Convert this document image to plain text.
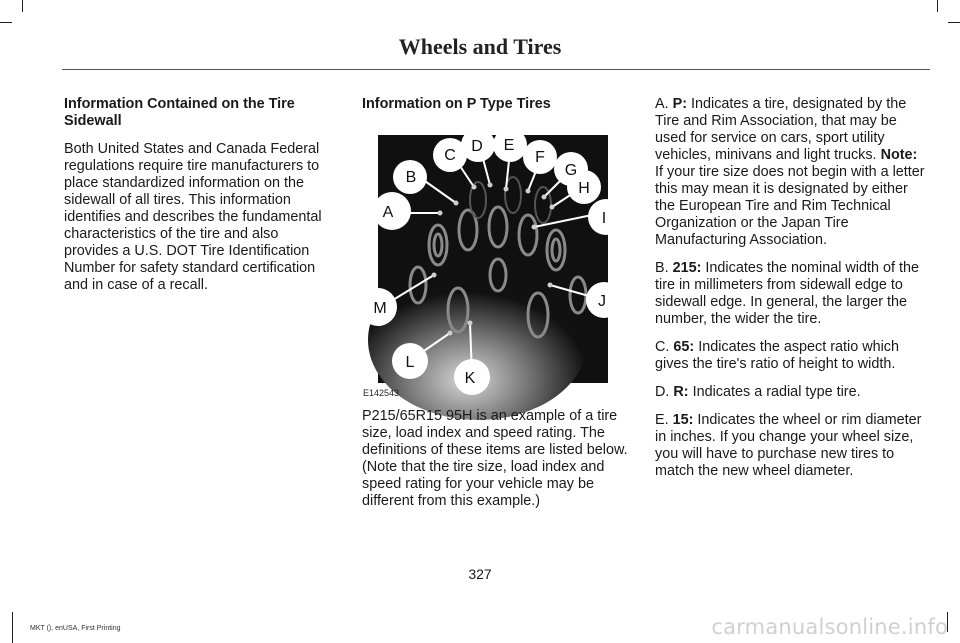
Wheels and Tires

Information Contained on the Tire Sidewall

Both United States and Canada Federal regulations require tire manufacturers to place standardized information on the sidewall of all tires. This information identifies and describes the fundamental characteristics of the tire and also provides a U.S. DOT Tire Identification Number for safety standard certification and in case of a recall.

Information on P Type Tires

A
B
C
D E
F
G
H
I
J
K
L
M
E142543
P215/65R15 95H is an example of a tire size, load index and speed rating. The definitions of these items are listed below. (Note that the tire size, load index and speed rating for your vehicle may be different from this example.)

A. P: Indicates a tire, designated by the Tire and Rim Association, that may be used for service on cars, sport utility vehicles, minivans and light trucks. Note: If your tire size does not begin with a letter this may mean it is designated by either the European Tire and Rim Technical Organization or the Japan Tire Manufacturing Association.

B. 215: Indicates the nominal width of the tire in millimeters from sidewall edge to sidewall edge. In general, the larger the number, the wider the tire.

C. 65: Indicates the aspect ratio which gives the tire's ratio of height to width.

D. R: Indicates a radial type tire.

E. 15: Indicates the wheel or rim diameter in inches. If you change your wheel size, you will have to purchase new tires to match the new wheel diameter.

327
MKT (), enUSA, First Printing	carmanualsonline.info
